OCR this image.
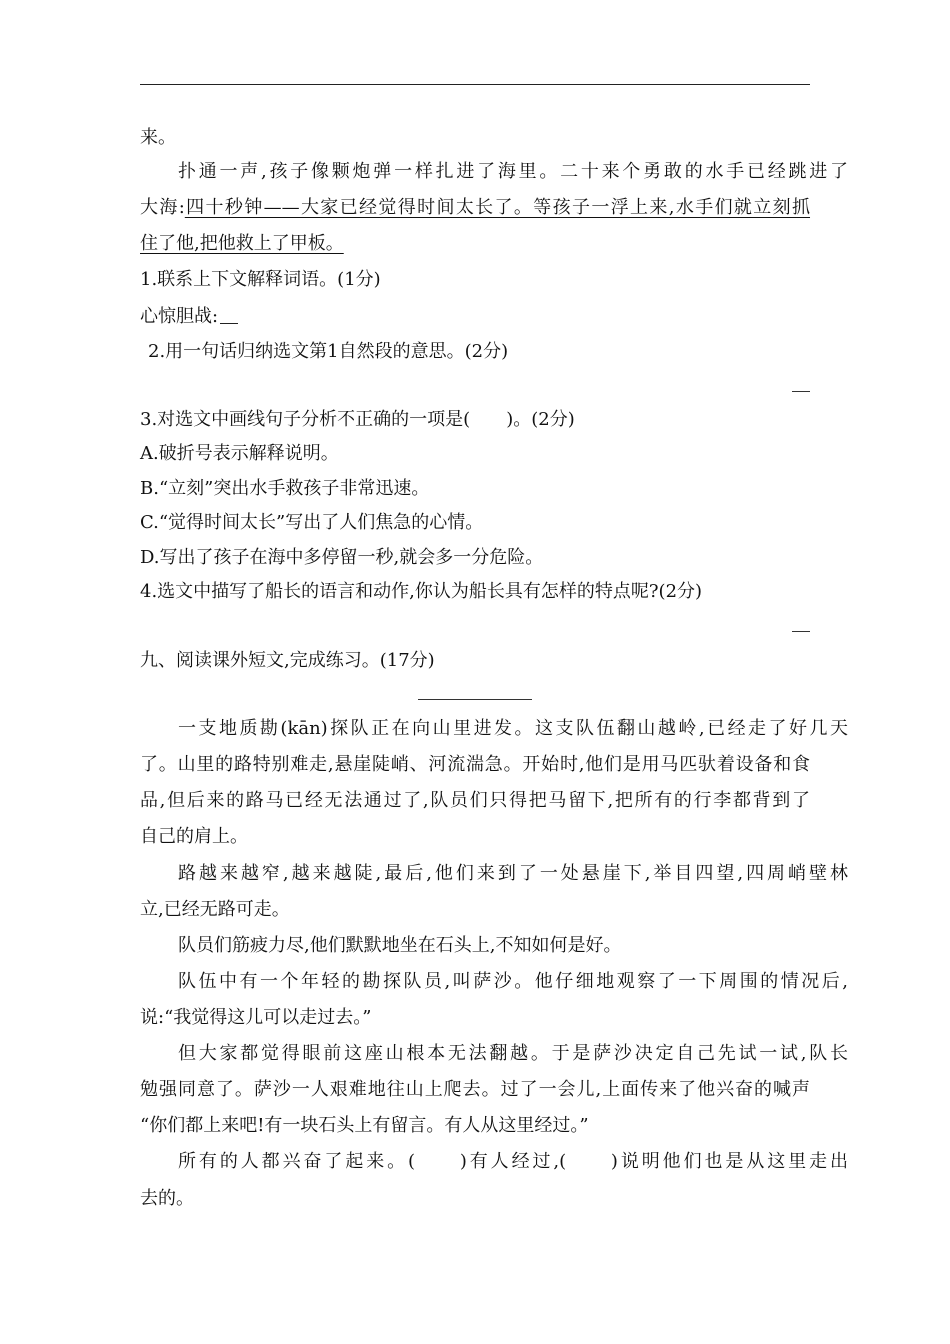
来。
扑通一声,孩子像颗炮弹一样扎进了海里。二十来个勇敢的水手已经跳进了
大海:四十秒钟——大家已经觉得时间太长了。等孩子一浮上来,水手们就立刻抓
住了他,把他救上了甲板。
1.联系上下文解释词语。(1分)
心惊胆战:
2.用一句话归纳选文第1自然段的意思。(2分)
3.对选文中画线句子分析不正确的一项是(　　)。(2分)
A.破折号表示解释说明。
B.“立刻”突出水手救孩子非常迅速。
C.“觉得时间太长”写出了人们焦急的心情。
D.写出了孩子在海中多停留一秒,就会多一分危险。
4.选文中描写了船长的语言和动作,你认为船长具有怎样的特点呢?(2分)
九、阅读课外短文,完成练习。(17分)
一支地质勘(kān)探队正在向山里进发。这支队伍翻山越岭,已经走了好几天
了。山里的路特别难走,悬崖陡峭、河流湍急。开始时,他们是用马匹驮着设备和食
品,但后来的路马已经无法通过了,队员们只得把马留下,把所有的行李都背到了
自己的肩上。
路越来越窄,越来越陡,最后,他们来到了一处悬崖下,举目四望,四周峭壁林
立,已经无路可走。
队员们筋疲力尽,他们默默地坐在石头上,不知如何是好。
队伍中有一个年轻的勘探队员,叫萨沙。他仔细地观察了一下周围的情况后,
说:“我觉得这儿可以走过去。”
但大家都觉得眼前这座山根本无法翻越。于是萨沙决定自己先试一试,队长
勉强同意了。萨沙一人艰难地往山上爬去。过了一会儿,上面传来了他兴奋的喊声
“你们都上来吧!有一块石头上有留言。有人从这里经过。”
所有的人都兴奋了起来。(　　)有人经过,(　　)说明他们也是从这里走出
去的。
